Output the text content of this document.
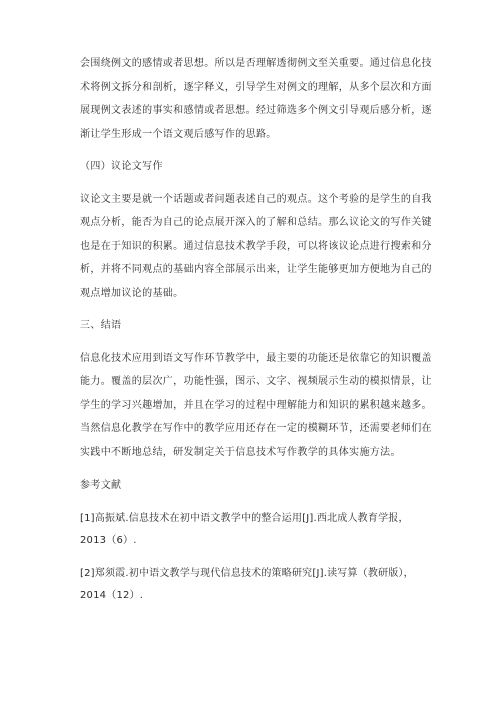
会围绕例文的感情或者思想。所以是否理解透彻例文至关重要。通过信息化技
术将例文拆分和剖析，逐字释义，引导学生对例文的理解，从多个层次和方面
展现例文表述的事实和感情或者思想。经过筛选多个例文引导观后感分析，逐
渐让学生形成一个语文观后感写作的思路。

（四）议论文写作

议论文主要是就一个话题或者问题表述自己的观点。这个考验的是学生的自我
观点分析，能否为自己的论点展开深入的了解和总结。那么议论文的写作关键
也是在于知识的积累。通过信息技术教学手段，可以将该议论点进行搜索和分
析，并将不同观点的基础内容全部展示出来，让学生能够更加方便地为自己的
观点增加议论的基础。

三、结语

信息化技术应用到语文写作环节教学中，最主要的功能还是依靠它的知识覆盖
能力。覆盖的层次广，功能性强，图示、文字、视频展示生动的模拟情景，让
学生的学习兴趣增加，并且在学习的过程中理解能力和知识的累积越来越多。
当然信息化教学在写作中的教学应用还存在一定的模糊环节，还需要老师们在
实践中不断地总结，研发制定关于信息技术写作教学的具体实施方法。

参考文献

[1]高振斌.信息技术在初中语文教学中的整合运用[J].西北成人教育学报，
2013（6）.

[2]郑须霞.初中语文教学与现代信息技术的策略研究[J].读写算（教研版），
2014（12）.
